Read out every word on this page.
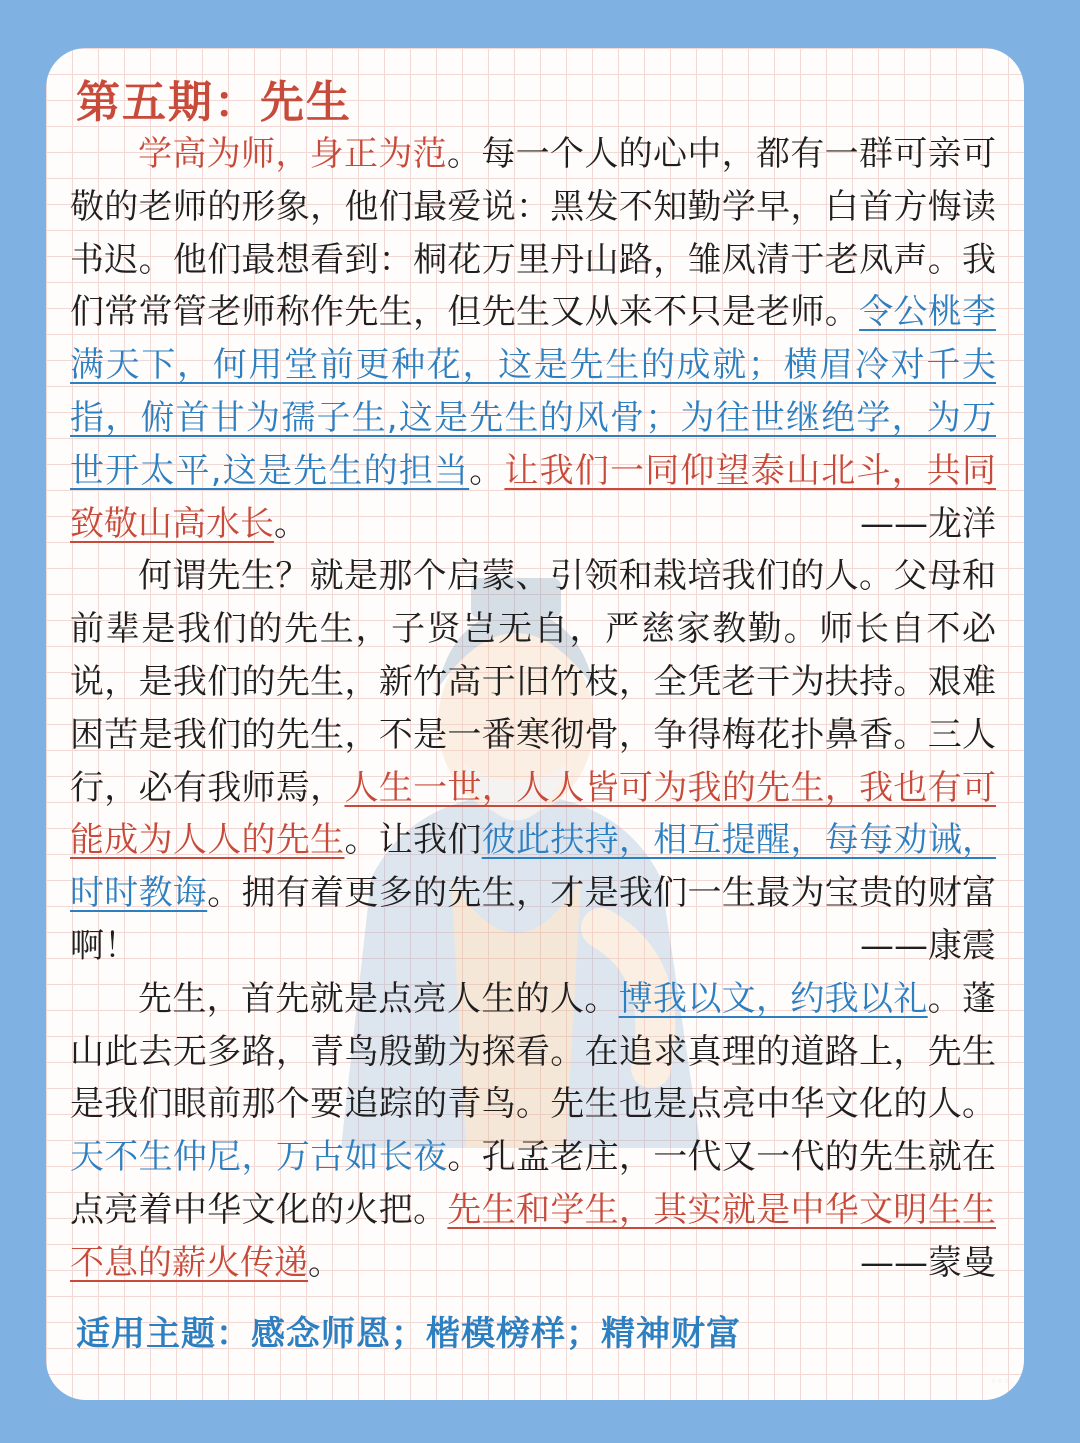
第五期：先生

学高为师，身正为范。每一个人的心中，都有一群可亲可敬的老师的形象，他们最爱说：黑发不知勤学早，白首方悔读书迟。他们最想看到：桐花万里丹山路，雏凤清于老凤声。我们常常管老师称作先生，但先生又从来不只是老师。令公桃李满天下，何用堂前更种花，这是先生的成就；横眉冷对千夫指，俯首甘为孺子生,这是先生的风骨；为往世继绝学，为万世开太平,这是先生的担当。让我们一同仰望泰山北斗，共同致敬山高水长。	——龙洋

何谓先生？就是那个启蒙、引领和栽培我们的人。父母和前辈是我们的先生，子贤岂无自，严慈家教勤。师长自不必说，是我们的先生，新竹高于旧竹枝，全凭老干为扶持。艰难困苦是我们的先生，不是一番寒彻骨，争得梅花扑鼻香。三人行，必有我师焉，人生一世，人人皆可为我的先生，我也有可能成为人人的先生。让我们彼此扶持，相互提醒，每每劝诫，时时教诲。拥有着更多的先生，才是我们一生最为宝贵的财富啊！	——康震

先生，首先就是点亮人生的人。博我以文，约我以礼。蓬山此去无多路，青鸟殷勤为探看。在追求真理的道路上，先生是我们眼前那个要追踪的青鸟。先生也是点亮中华文化的人。天不生仲尼，万古如长夜。孔孟老庄，一代又一代的先生就在点亮着中华文化的火把。先生和学生，其实就是中华文明生生不息的薪火传递。	——蒙曼

适用主题：感念师恩；楷模榜样；精神财富

◦◦◦
